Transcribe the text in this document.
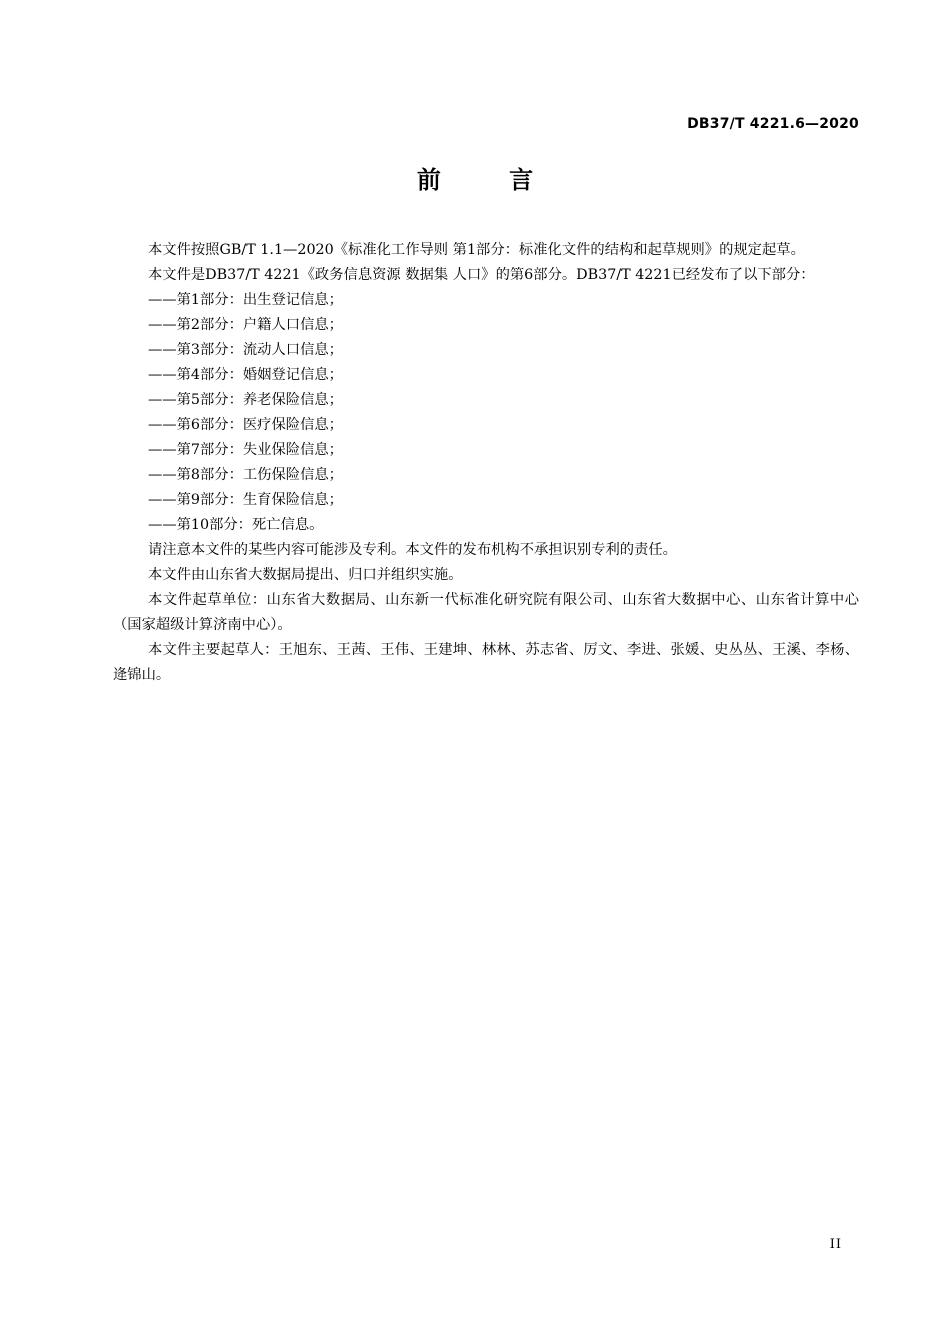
DB37/T 4221.6—2020
前 言

本文件按照GB/T 1.1—2020《标准化工作导则 第1部分：标准化文件的结构和起草规则》的规定起草。

本文件是DB37/T 4221《政务信息资源 数据集 人口》的第6部分。DB37/T 4221已经发布了以下部分：

——第1部分：出生登记信息；
——第2部分：户籍人口信息；
——第3部分：流动人口信息；
——第4部分：婚姻登记信息；
——第5部分：养老保险信息；
——第6部分：医疗保险信息；
——第7部分：失业保险信息；
——第8部分：工伤保险信息；
——第9部分：生育保险信息；
——第10部分：死亡信息。

请注意本文件的某些内容可能涉及专利。本文件的发布机构不承担识别专利的责任。

本文件由山东省大数据局提出、归口并组织实施。

本文件起草单位：山东省大数据局、山东新一代标准化研究院有限公司、山东省大数据中心、山东省计算中心（国家超级计算济南中心）。

本文件主要起草人：王旭东、王茜、王伟、王建坤、林林、苏志省、厉文、李进、张媛、史丛丛、王溪、李杨、逄锦山。

II
